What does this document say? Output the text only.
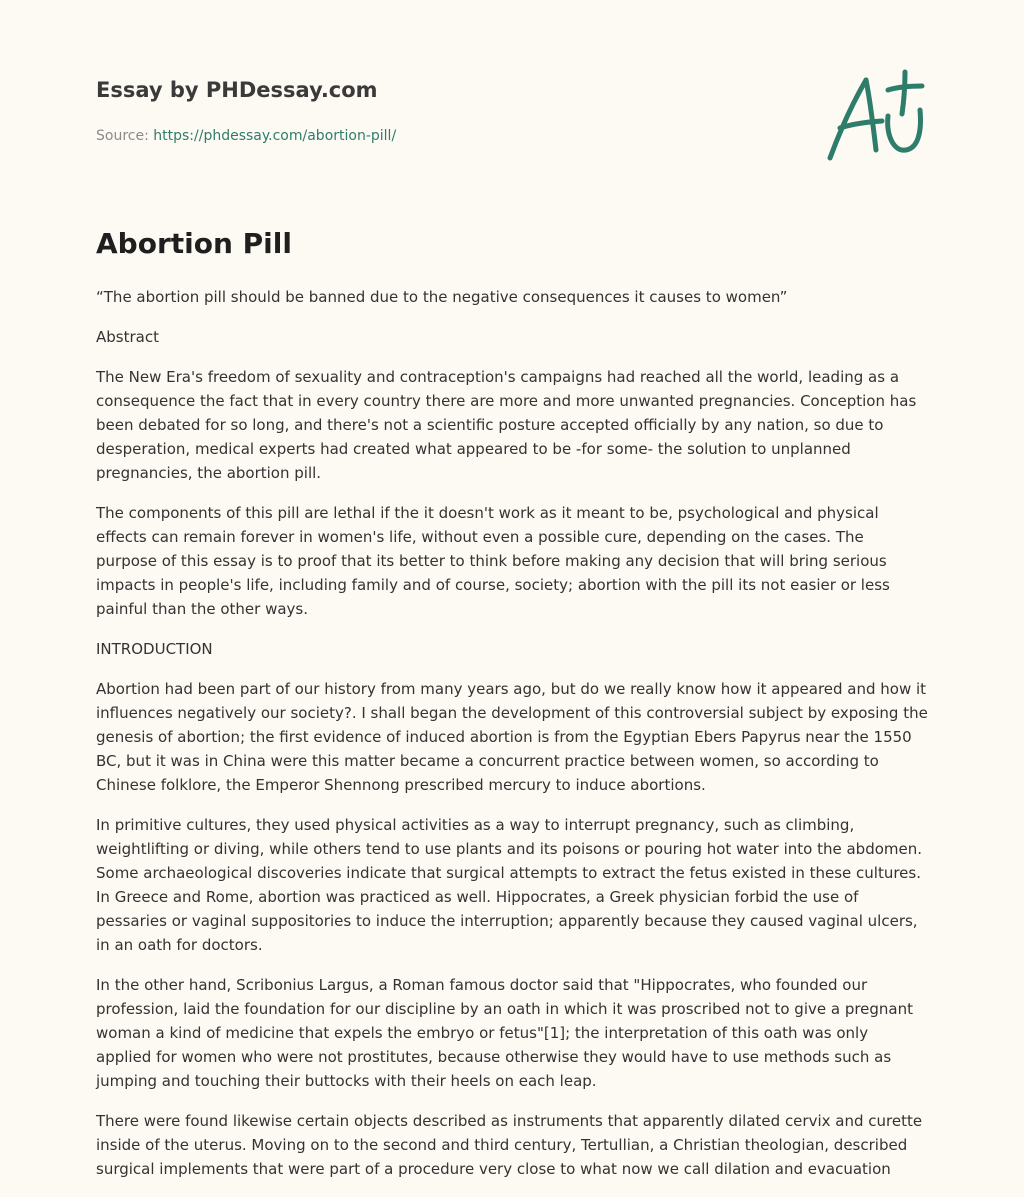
Essay by PHDessay.com
Source: https://phdessay.com/abortion-pill/
Abortion Pill

“The abortion pill should be banned due to the negative consequences it causes to women”

Abstract

The New Era's freedom of sexuality and contraception's campaigns had reached all the world, leading as a consequence the fact that in every country there are more and more unwanted pregnancies. Conception has been debated for so long, and there's not a scientific posture accepted officially by any nation, so due to desperation, medical experts had created what appeared to be -for some- the solution to unplanned pregnancies, the abortion pill.

The components of this pill are lethal if the it doesn't work as it meant to be, psychological and physical effects can remain forever in women's life, without even a possible cure, depending on the cases. The purpose of this essay is to proof that its better to think before making any decision that will bring serious impacts in people's life, including family and of course, society; abortion with the pill its not easier or less painful than the other ways.

INTRODUCTION

Abortion had been part of our history from many years ago, but do we really know how it appeared and how it influences negatively our society?. I shall began the development of this controversial subject by exposing the genesis of abortion; the first evidence of induced abortion is from the Egyptian Ebers Papyrus near the 1550 BC, but it was in China were this matter became a concurrent practice between women, so according to Chinese folklore, the Emperor Shennong prescribed mercury to induce abortions.

In primitive cultures, they used physical activities as a way to interrupt pregnancy, such as climbing, weightlifting or diving, while others tend to use plants and its poisons or pouring hot water into the abdomen. Some archaeological discoveries indicate that surgical attempts to extract the fetus existed in these cultures. In Greece and Rome, abortion was practiced as well. Hippocrates, a Greek physician forbid the use of pessaries or vaginal suppositories to induce the interruption; apparently because they caused vaginal ulcers, in an oath for doctors.

In the other hand, Scribonius Largus, a Roman famous doctor said that "Hippocrates, who founded our profession, laid the foundation for our discipline by an oath in which it was proscribed not to give a pregnant woman a kind of medicine that expels the embryo or fetus"[1]; the interpretation of this oath was only applied for women who were not prostitutes, because otherwise they would have to use methods such as jumping and touching their buttocks with their heels on each leap.

There were found likewise certain objects described as instruments that apparently dilated cervix and curette inside of the uterus. Moving on to the second and third century, Tertullian, a Christian theologian, described surgical implements that were part of a procedure very close to what now we call dilation and evacuation
